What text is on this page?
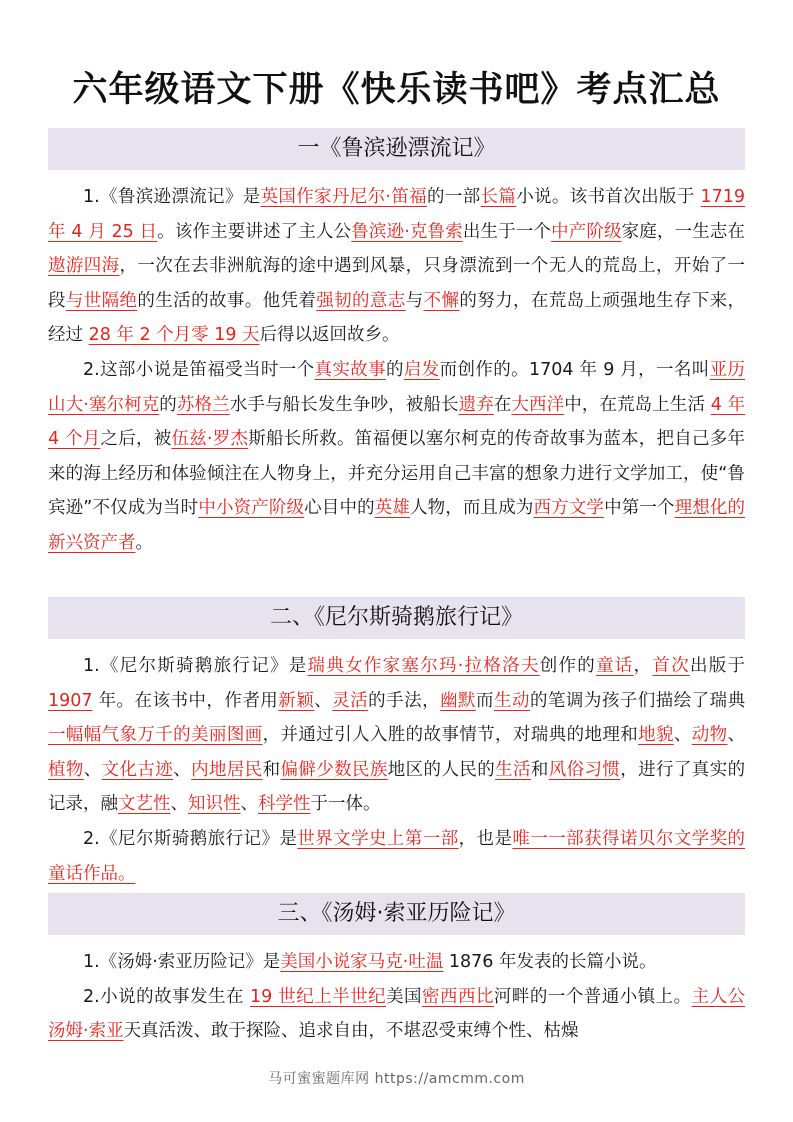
六年级语文下册《快乐读书吧》考点汇总
一《鲁滨逊漂流记》

1.《鲁滨逊漂流记》是英国作家丹尼尔·笛福的一部长篇小说。该书首次出版于 1719 年 4 月 25 日。该作主要讲述了主人公鲁滨逊·克鲁索出生于一个中产阶级家庭，一生志在遨游四海，一次在去非洲航海的途中遇到风暴，只身漂流到一个无人的荒岛上，开始了一段与世隔绝的生活的故事。他凭着强韧的意志与不懈的努力，在荒岛上顽强地生存下来，经过 28 年 2 个月零 19 天后得以返回故乡。

2.这部小说是笛福受当时一个真实故事的启发而创作的。1704 年 9 月，一名叫亚历山大·塞尔柯克的苏格兰水手与船长发生争吵，被船长遗弃在大西洋中，在荒岛上生活 4 年 4 个月之后，被伍兹·罗杰斯船长所救。笛福便以塞尔柯克的传奇故事为蓝本，把自己多年来的海上经历和体验倾注在人物身上，并充分运用自己丰富的想象力进行文学加工，使“鲁宾逊”不仅成为当时中小资产阶级心目中的英雄人物，而且成为西方文学中第一个理想化的新兴资产者。

二、《尼尔斯骑鹅旅行记》

1.《尼尔斯骑鹅旅行记》是瑞典女作家塞尔玛·拉格洛夫创作的童话，首次出版于 1907 年。在该书中，作者用新颖、灵活的手法，幽默而生动的笔调为孩子们描绘了瑞典一幅幅气象万千的美丽图画，并通过引人入胜的故事情节，对瑞典的地理和地貌、动物、植物、文化古迹、内地居民和偏僻少数民族地区的人民的生活和风俗习惯，进行了真实的记录，融文艺性、知识性、科学性于一体。

2.《尼尔斯骑鹅旅行记》是世界文学史上第一部，也是唯一一部获得诺贝尔文学奖的童话作品。

三、《汤姆·索亚历险记》

1.《汤姆·索亚历险记》是美国小说家马克·吐温 1876 年发表的长篇小说。

2.小说的故事发生在 19 世纪上半世纪美国密西西比河畔的一个普通小镇上。主人公汤姆·索亚天真活泼、敢于探险、追求自由，不堪忍受束缚个性、枯燥

马可蜜蜜题库网 https://amcmm.com
